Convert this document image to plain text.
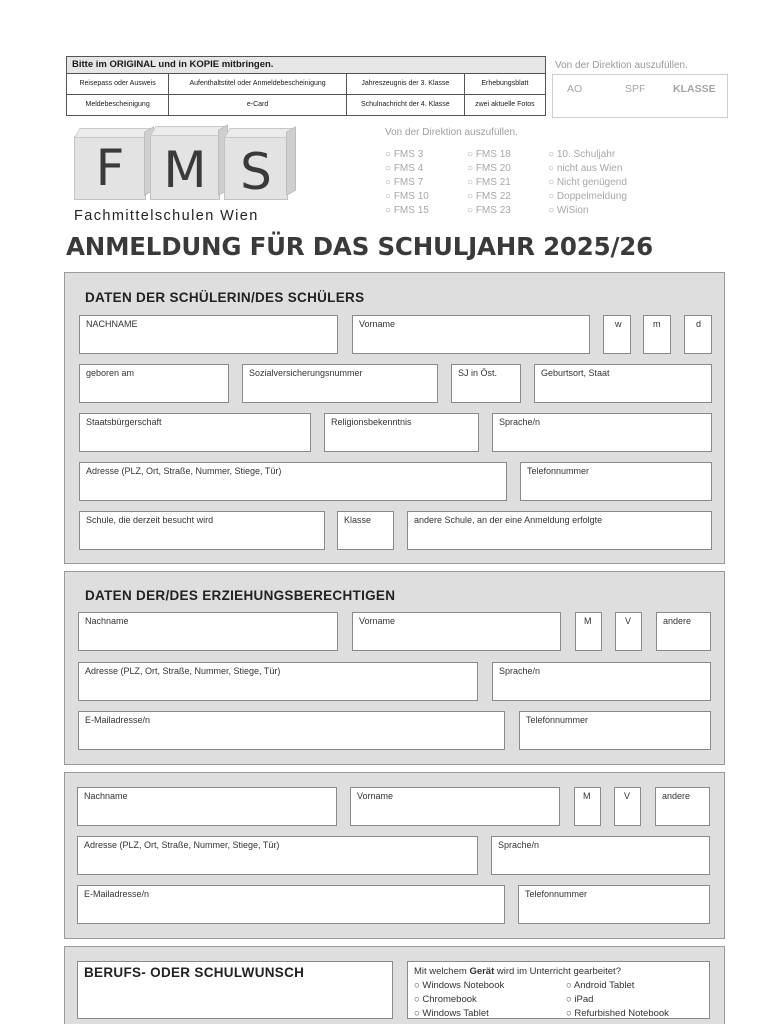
Bitte im ORIGINAL und in KOPIE mitbringen.			
Reisepass oder Ausweis	Aufenthaltstitel oder Anmeldebescheinigung	Jahreszeugnis der 3. Klasse	Erhebungsblatt
Meldebescheinigung	e-Card	Schulnachricht der 4. Klasse	zwei aktuelle Fotos
Von der Direktion auszufüllen.
AO	SPF	KLASSE
F M S
Fachmittelschulen Wien
Von der Direktion auszufüllen.
○ FMS 3
○ FMS 4
○ FMS 7
○ FMS 10
○ FMS 15
○ FMS 18
○ FMS 20
○ FMS 21
○ FMS 22
○ FMS 23
○ 10. Schuljahr
○ nicht aus Wien
○ Nicht genügend
○ Doppelmeldung
○ WiSion
ANMELDUNG FÜR DAS SCHULJAHR 2025/26
DATEN DER SCHÜLERIN/DES SCHÜLERS
NACHNAME	Vorname	w	m	d
geboren am	Sozialversicherungsnummer	SJ in Öst.	Geburtsort, Staat
Staatsbürgerschaft	Religionsbekenntnis	Sprache/n
Adresse (PLZ, Ort, Straße, Nummer, Stiege, Tür)	Telefonnummer
Schule, die derzeit besucht wird	Klasse	andere Schule, an der eine Anmeldung erfolgte
DATEN DER/DES ERZIEHUNGSBERECHTIGEN
Nachname	Vorname	M	V	andere
Adresse (PLZ, Ort, Straße, Nummer, Stiege, Tür)	Sprache/n
E-Mailadresse/n	Telefonnummer
Nachname	Vorname	M	V	andere
Adresse (PLZ, Ort, Straße, Nummer, Stiege, Tür)	Sprache/n
E-Mailadresse/n	Telefonnummer
BERUFS- ODER SCHULWUNSCH	Mit welchem Gerät wird im Unterricht gearbeitet?
○ Windows Notebook
○ Chromebook
○ Windows Tablet
○ Android Tablet
○ iPad
○ Refurbished Notebook
